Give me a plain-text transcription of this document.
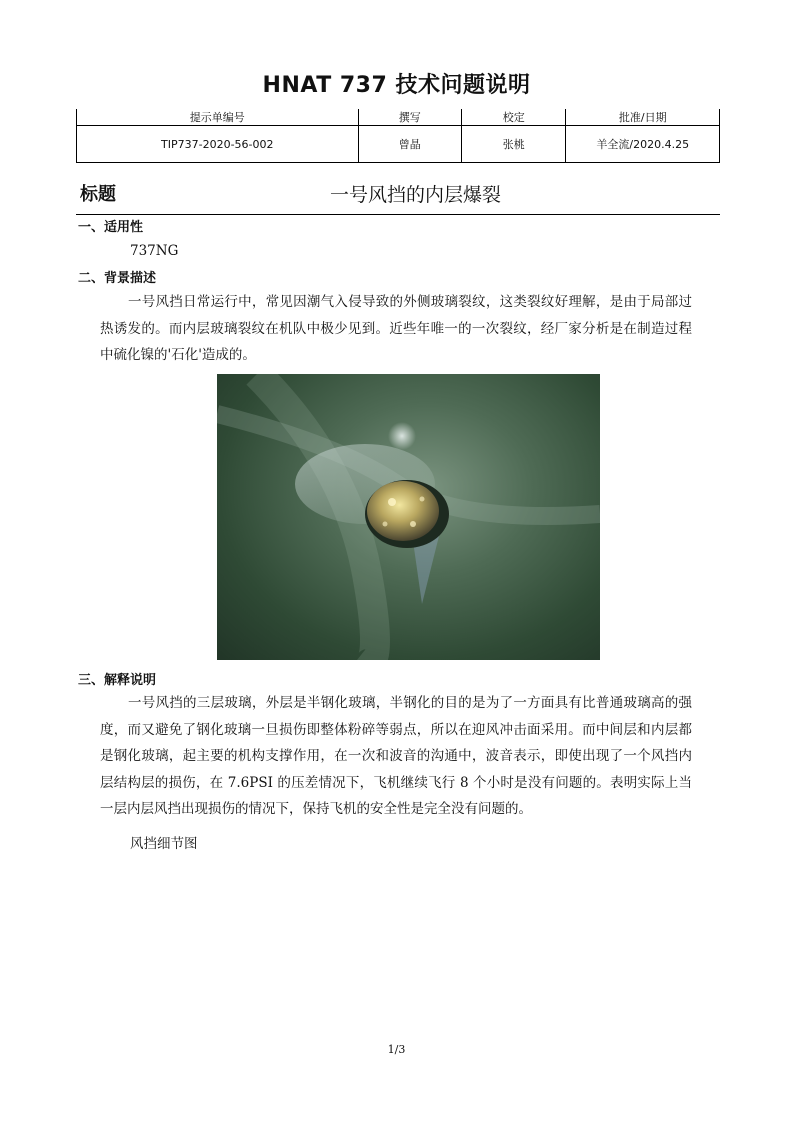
HNAT 737 技术问题说明
提示单编号	撰写	校定	批准/日期
TIP737-2020-56-002	曾晶	张桃	羊全流/2020.4.25
标题	一号风挡的内层爆裂
一、适用性
737NG
二、背景描述

一号风挡日常运行中，常见因潮气入侵导致的外侧玻璃裂纹，这类裂纹好理解，是由于局部过热诱发的。而内层玻璃裂纹在机队中极少见到。近些年唯一的一次裂纹，经厂家分析是在制造过程中硫化镍的'石化'造成的。

三、解释说明

一号风挡的三层玻璃，外层是半钢化玻璃，半钢化的目的是为了一方面具有比普通玻璃高的强度，而又避免了钢化玻璃一旦损伤即整体粉碎等弱点，所以在迎风冲击面采用。而中间层和内层都是钢化玻璃，起主要的机构支撑作用，在一次和波音的沟通中，波音表示，即使出现了一个风挡内层结构层的损伤，在 7.6PSI 的压差情况下，飞机继续飞行 8 个小时是没有问题的。表明实际上当一层内层风挡出现损伤的情况下，保持飞机的安全性是完全没有问题的。

风挡细节图
1/3
